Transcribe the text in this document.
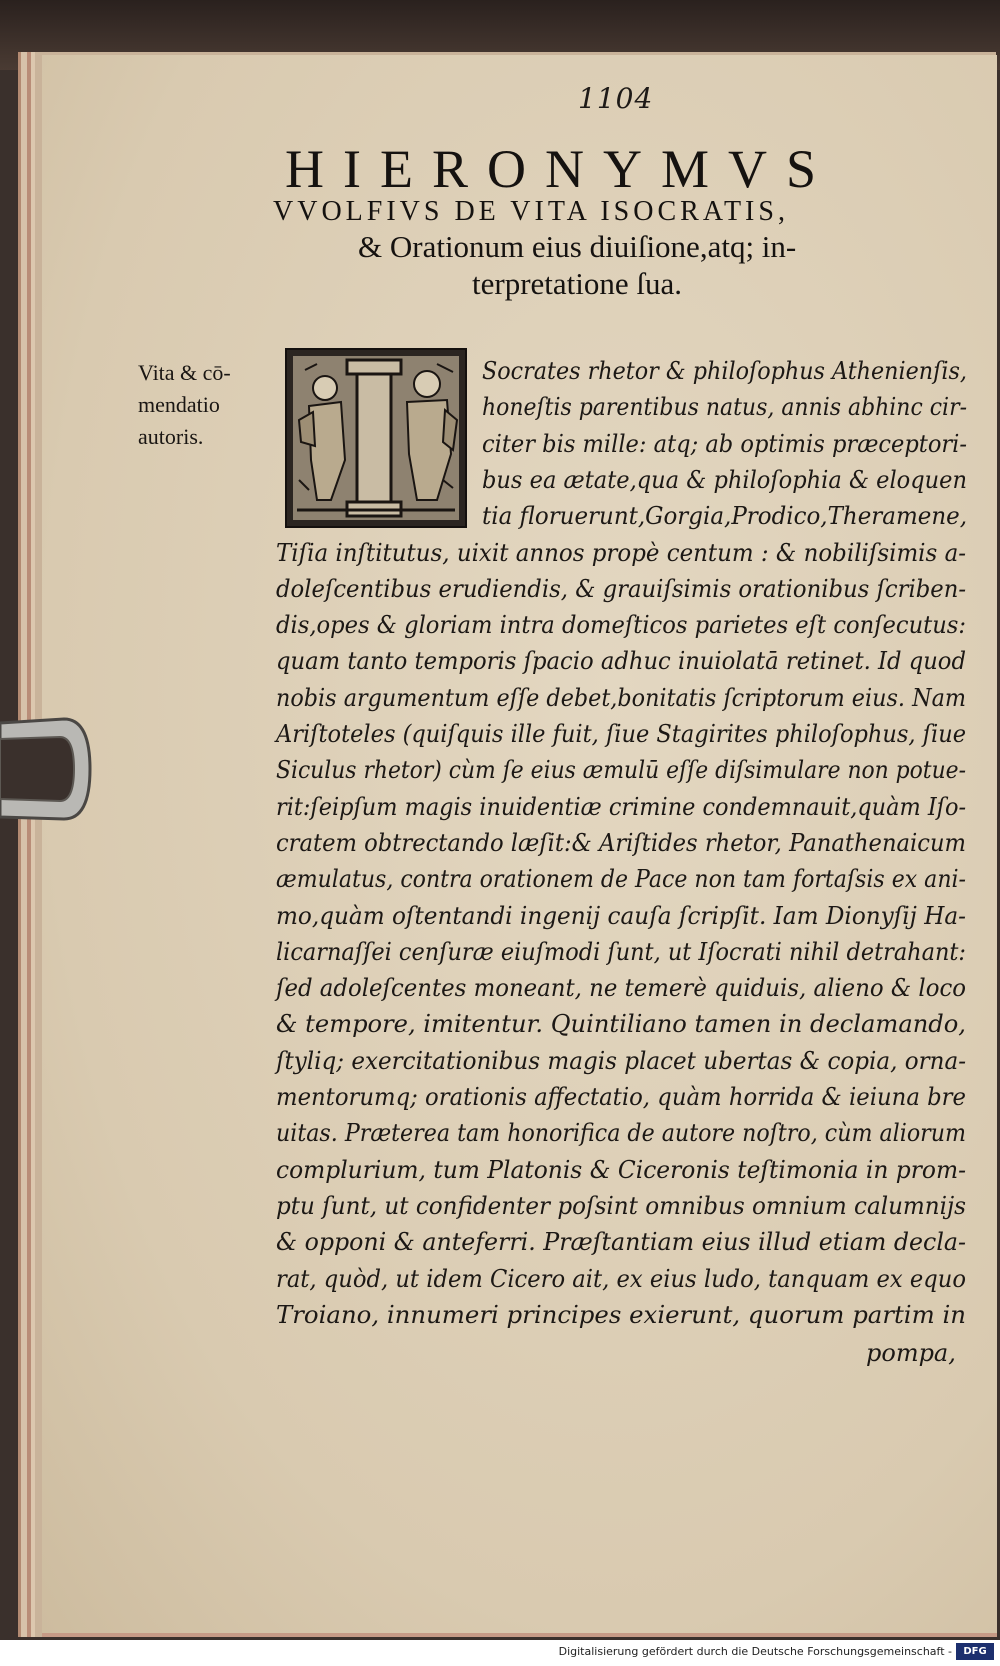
1104
HIERONYMVS
VVOLFIVS DE VITA ISOCRATIS,
& Orationum eius diuiſione,atq; in-
terpretatione ſua.
Vita & cō-
mendatio
autoris.
Socrates rhetor & philoſophus Athenienſis,
honeſtis parentibus natus, annis abhinc cir-
citer bis mille: atq; ab optimis præceptori-
bus ea ætate,qua & philoſophia & eloquen
tia floruerunt,Gorgia,Prodico,Theramene,
Tiſia inſtitutus, uixit annos propè centum : & nobiliſsimis a-
doleſcentibus erudiendis, & grauiſsimis orationibus ſcriben-
dis,opes & gloriam intra domeſticos parietes eſt conſecutus:
quam tanto temporis ſpacio adhuc inuiolatā retinet. Id quod
nobis argumentum eſſe debet,bonitatis ſcriptorum eius. Nam
Ariſtoteles (quiſquis ille fuit, ſiue Stagirites philoſophus, ſiue
Siculus rhetor) cùm ſe eius æmulū eſſe diſsimulare non potue-
rit:ſeipſum magis inuidentiæ crimine condemnauit,quàm Iſo-
cratem obtrectando læſit:& Ariſtides rhetor, Panathenaicum
æmulatus, contra orationem de Pace non tam fortaſsis ex ani-
mo,quàm oſtentandi ingenij cauſa ſcripſit. Iam Dionyſij Ha-
licarnaſſei cenſuræ eiuſmodi ſunt, ut Iſocrati nihil detrahant:
ſed adoleſcentes moneant, ne temerè quiduis, alieno & loco
& tempore, imitentur. Quintiliano tamen in declamando,
ſtyliq; exercitationibus magis placet ubertas & copia, orna-
mentorumq; orationis affectatio, quàm horrida & ieiuna bre
uitas. Præterea tam honorifica de autore noſtro, cùm aliorum
complurium, tum Platonis & Ciceronis teſtimonia in prom-
ptu ſunt, ut confidenter poſsint omnibus omnium calumnijs
& opponi & anteferri. Præſtantiam eius illud etiam decla-
rat, quòd, ut idem Cicero ait, ex eius ludo, tanquam ex equo
Troiano, innumeri principes exierunt, quorum partim in
pompa,
Digitalisierung gefördert durch die Deutsche Forschungsgemeinschaft -	DFG
